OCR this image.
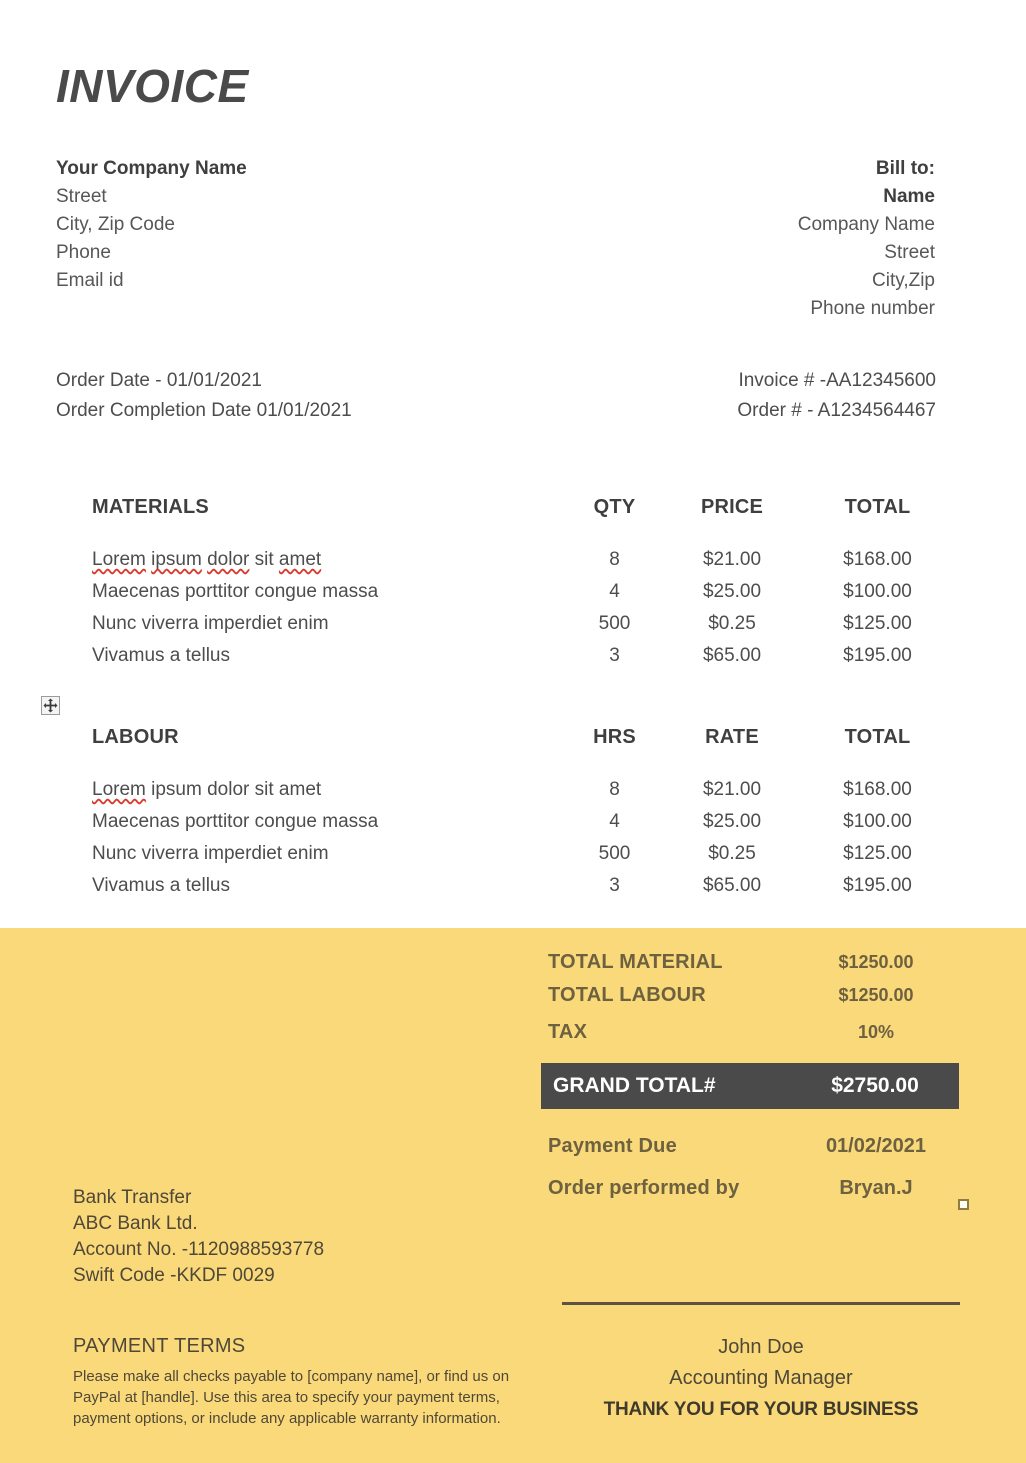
INVOICE
Your Company Name
Street
City, Zip Code
Phone
Email id
Bill to:
Name
Company Name
Street
City,Zip
Phone number
Order Date - 01/01/2021
Order Completion Date 01/01/2021
Invoice # -AA12345600
Order # - A1234564467
MATERIALS	QTY	PRICE	TOTAL
Lorem ipsum dolor sit amet	8	$21.00	$168.00
Maecenas porttitor congue massa	4	$25.00	$100.00
Nunc viverra imperdiet enim	500	$0.25	$125.00
Vivamus a tellus	3	$65.00	$195.00
LABOUR	HRS	RATE	TOTAL
Lorem ipsum dolor sit amet	8	$21.00	$168.00
Maecenas porttitor congue massa	4	$25.00	$100.00
Nunc viverra imperdiet enim	500	$0.25	$125.00
Vivamus a tellus	3	$65.00	$195.00
TOTAL MATERIAL	$1250.00
TOTAL LABOUR	$1250.00
TAX	10%
GRAND TOTAL#	$2750.00
Payment Due	01/02/2021
Order performed by	Bryan.J
Bank Transfer
ABC Bank Ltd.
Account No. -1120988593778
Swift Code -KKDF 0029
PAYMENT TERMS
Please make all checks payable to [company name], or find us on PayPal at [handle]. Use this area to specify your payment terms, payment options, or include any applicable warranty information.
John Doe
Accounting Manager
THANK YOU FOR YOUR BUSINESS
